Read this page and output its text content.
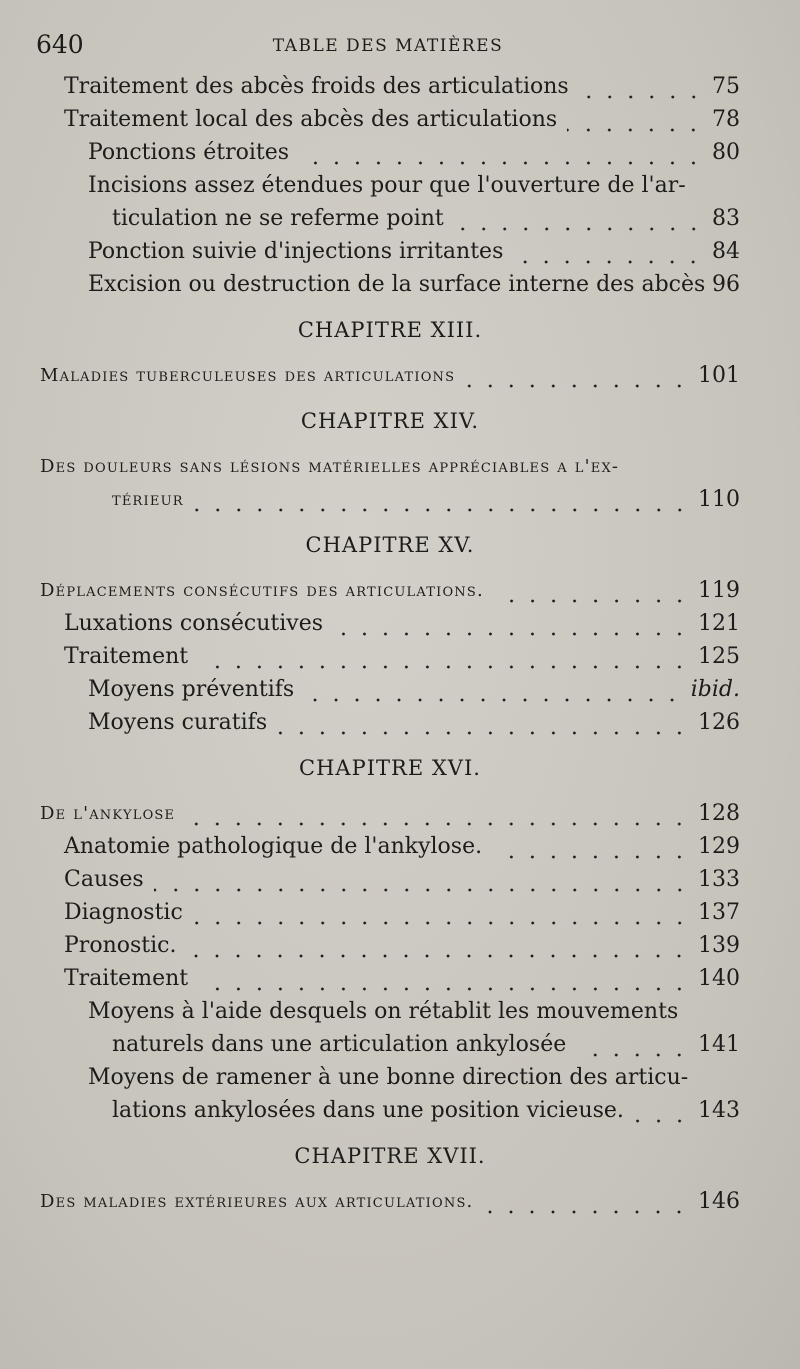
640	TABLE DES MATIÈRES
Traitement des abcès froids des articulations	75
Traitement local des abcès des articulations	78
Ponctions étroites	80
Incisions assez étendues pour que l'ouverture de l'ar-
ticulation ne se referme point	83
Ponction suivie d'injections irritantes	84
Excision ou destruction de la surface interne des abcès 96
CHAPITRE XIII.
Maladies tuberculeuses des articulations	101
CHAPITRE XIV.
Des douleurs sans lésions matérielles appréciables a l'ex-
térieur	110
CHAPITRE XV.
Déplacements consécutifs des articulations.	119
Luxations consécutives	121
Traitement	125
Moyens préventifs	ibid.
Moyens curatifs	126
CHAPITRE XVI.
De l'ankylose	128
Anatomie pathologique de l'ankylose.	129
Causes	133
Diagnostic	137
Pronostic.	139
Traitement	140
Moyens à l'aide desquels on rétablit les mouvements
naturels dans une articulation ankylosée	141
Moyens de ramener à une bonne direction des articu-
lations ankylosées dans une position vicieuse.	143
CHAPITRE XVII.
Des maladies extérieures aux articulations.	146
